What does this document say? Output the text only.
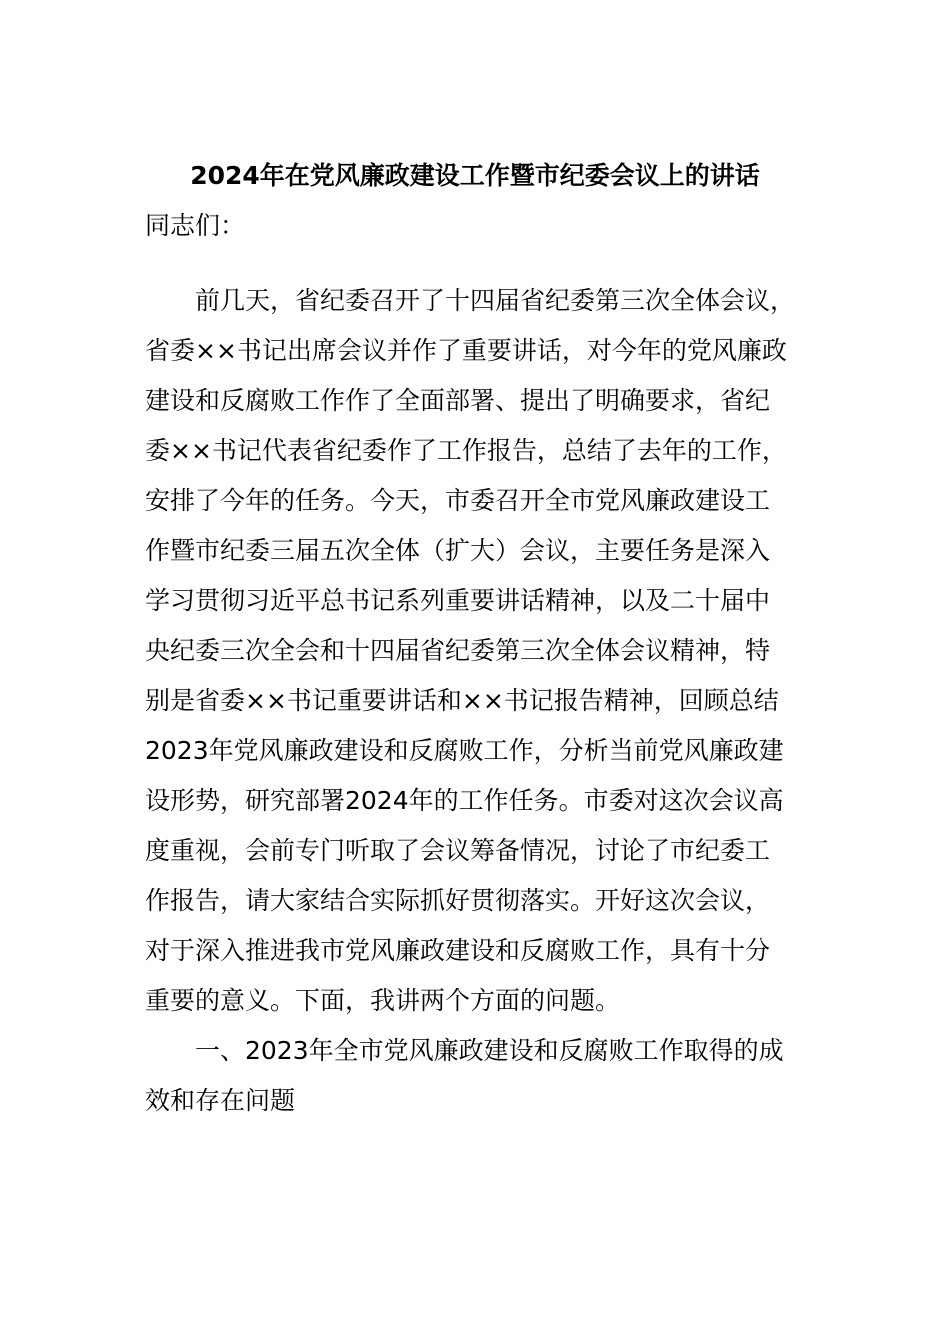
2024年在党风廉政建设工作暨市纪委会议上的讲话
同志们：
前几天，省纪委召开了十四届省纪委第三次全体会议，
省委××书记出席会议并作了重要讲话，对今年的党风廉政
建设和反腐败工作作了全面部署、提出了明确要求，省纪
委××书记代表省纪委作了工作报告，总结了去年的工作，
安排了今年的任务。今天，市委召开全市党风廉政建设工
作暨市纪委三届五次全体（扩大）会议，主要任务是深入
学习贯彻习近平总书记系列重要讲话精神，以及二十届中
央纪委三次全会和十四届省纪委第三次全体会议精神，特
别是省委××书记重要讲话和××书记报告精神，回顾总结
2023年党风廉政建设和反腐败工作，分析当前党风廉政建
设形势，研究部署2024年的工作任务。市委对这次会议高
度重视，会前专门听取了会议筹备情况，讨论了市纪委工
作报告，请大家结合实际抓好贯彻落实。开好这次会议，
对于深入推进我市党风廉政建设和反腐败工作，具有十分
重要的意义。下面，我讲两个方面的问题。
一、2023年全市党风廉政建设和反腐败工作取得的成
效和存在问题
